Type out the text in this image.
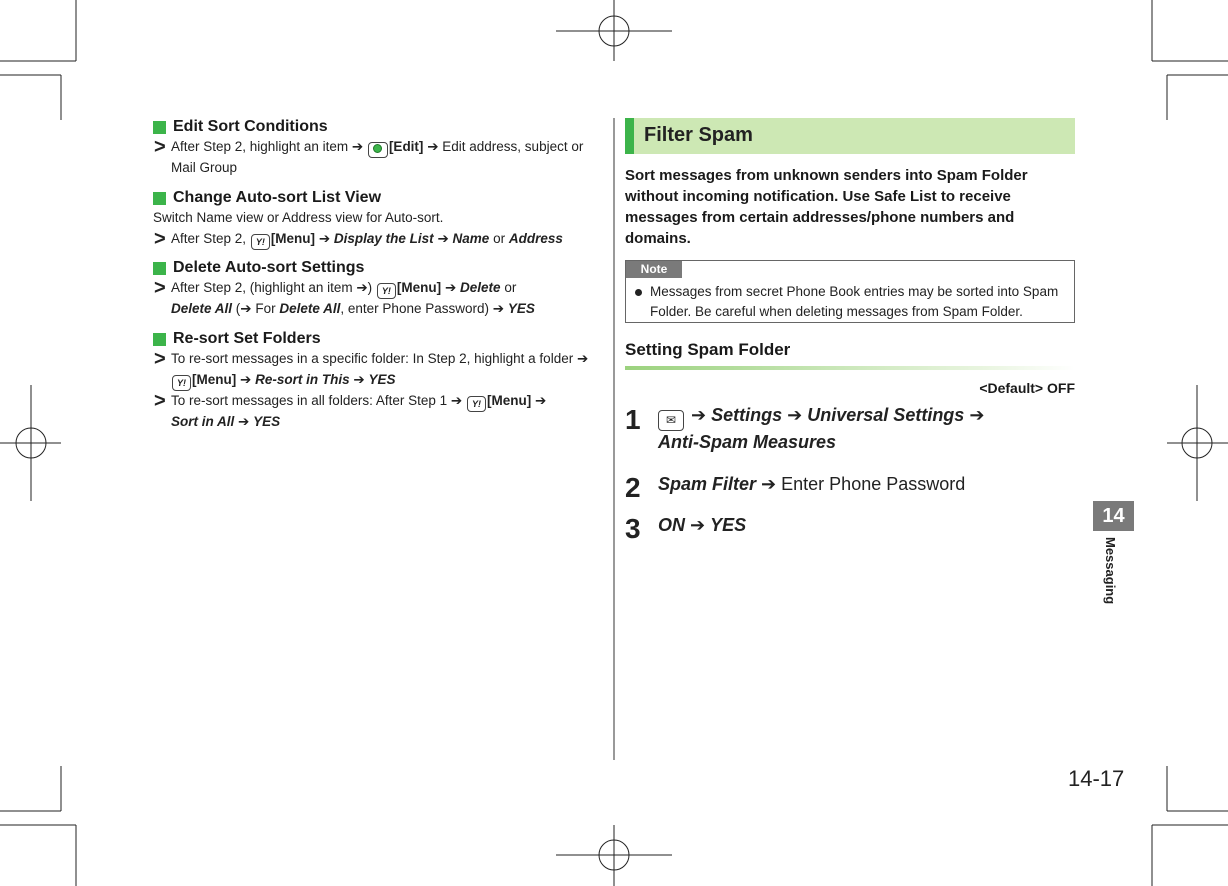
Edit Sort Conditions
> After Step 2, highlight an item ➔ [Edit] ➔ Edit address, subject or
Mail Group
Change Auto-sort List View
Switch Name view or Address view for Auto-sort.
> After Step 2, Y! [Menu] ➔ Display the List ➔ Name or Address
Delete Auto-sort Settings
> After Step 2, (highlight an item ➔) Y! [Menu] ➔ Delete or
Delete All (➔ For Delete All, enter Phone Password) ➔ YES
Re-sort Set Folders
> To re-sort messages in a specific folder: In Step 2, highlight a folder ➔
Y! [Menu] ➔ Re-sort in This ➔ YES
> To re-sort messages in all folders: After Step 1 ➔ Y! [Menu] ➔
Sort in All ➔ YES
Filter Spam
Sort messages from unknown senders into Spam Folder
without incoming notification. Use Safe List to receive
messages from certain addresses/phone numbers and
domains.
Note
Messages from secret Phone Book entries may be sorted into Spam
Folder. Be careful when deleting messages from Spam Folder.
Setting Spam Folder
<Default> OFF
1	✉ ➔ Settings ➔ Universal Settings ➔
Anti-Spam Measures
2 Spam Filter ➔ Enter Phone Password
3 ON ➔ YES	14
Messaging
14-17
